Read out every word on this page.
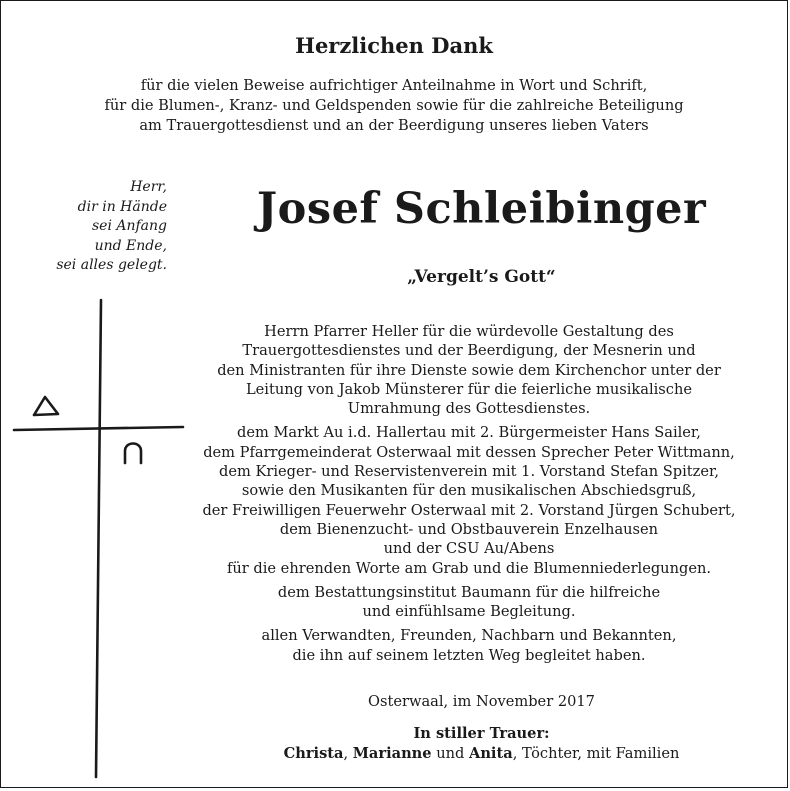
Herzlichen Dank
für die vielen Beweise aufrichtiger Anteilnahme in Wort und Schrift,
für die Blumen-, Kranz- und Geldspenden sowie für die zahlreiche Beteiligung
am Trauergottesdienst und an der Beerdigung unseres lieben Vaters
Herr,
dir in Hände
sei Anfang
und Ende,
sei alles gelegt.
Josef Schleibinger
„Vergelt’s Gott“

Herrn Pfarrer Heller für die würdevolle Gestaltung des
Trauergottesdienstes und der Beerdigung, der Mesnerin und
den Ministranten für ihre Dienste sowie dem Kirchenchor unter der
Leitung von Jakob Münsterer für die feierliche musikalische
Umrahmung des Gottesdienstes.

dem Markt Au i.d. Hallertau mit 2. Bürgermeister Hans Sailer,
dem Pfarrgemeinderat Osterwaal mit dessen Sprecher Peter Wittmann,
dem Krieger- und Reservistenverein mit 1. Vorstand Stefan Spitzer,
sowie den Musikanten für den musikalischen Abschiedsgruß,
der Freiwilligen Feuerwehr Osterwaal mit 2. Vorstand Jürgen Schubert,
dem Bienenzucht- und Obstbauverein Enzelhausen
und der CSU Au/Abens
für die ehrenden Worte am Grab und die Blumenniederlegungen.

dem Bestattungsinstitut Baumann für die hilfreiche
und einfühlsame Begleitung.

allen Verwandten, Freunden, Nachbarn und Bekannten,
die ihn auf seinem letzten Weg begleitet haben.

Osterwaal, im November 2017
In stiller Trauer:
Christa, Marianne und Anita, Töchter, mit Familien
